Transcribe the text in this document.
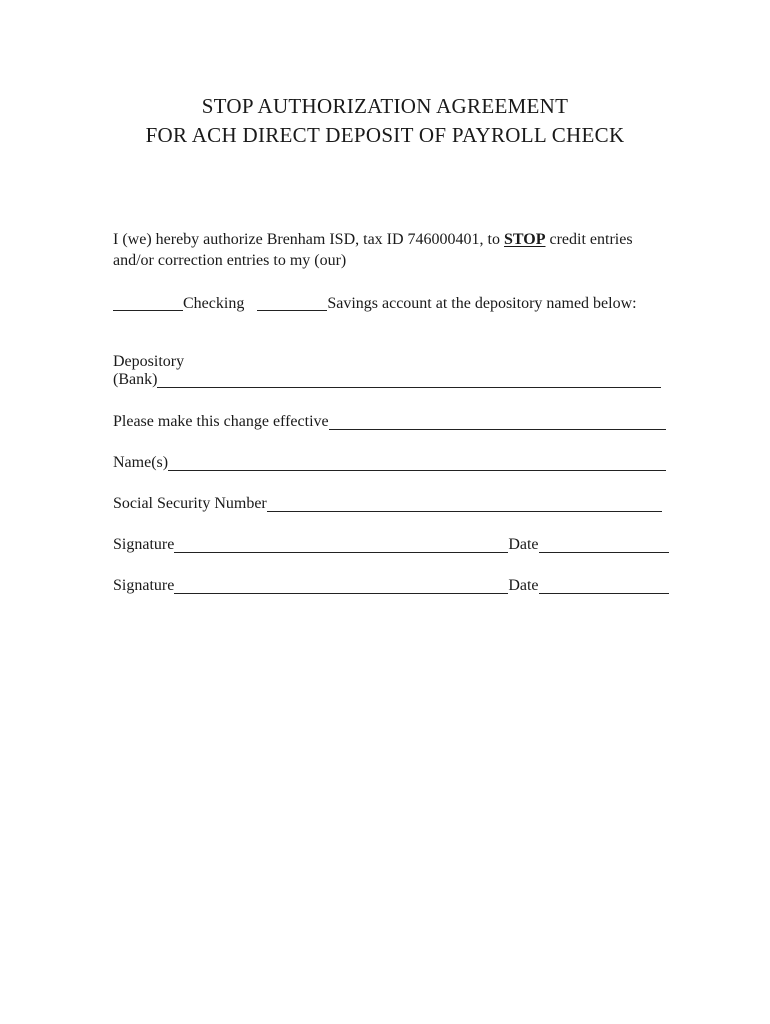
STOP AUTHORIZATION AGREEMENT
FOR ACH DIRECT DEPOSIT OF PAYROLL CHECK
I (we) hereby authorize Brenham ISD, tax ID 746000401, to STOP credit entries
and/or correction entries to my (our)
Checking	Savings account at the depository named below:
Depository
(Bank)
Please make this change effective
Name(s)
Social Security Number
Signature	Date
Signature	Date
